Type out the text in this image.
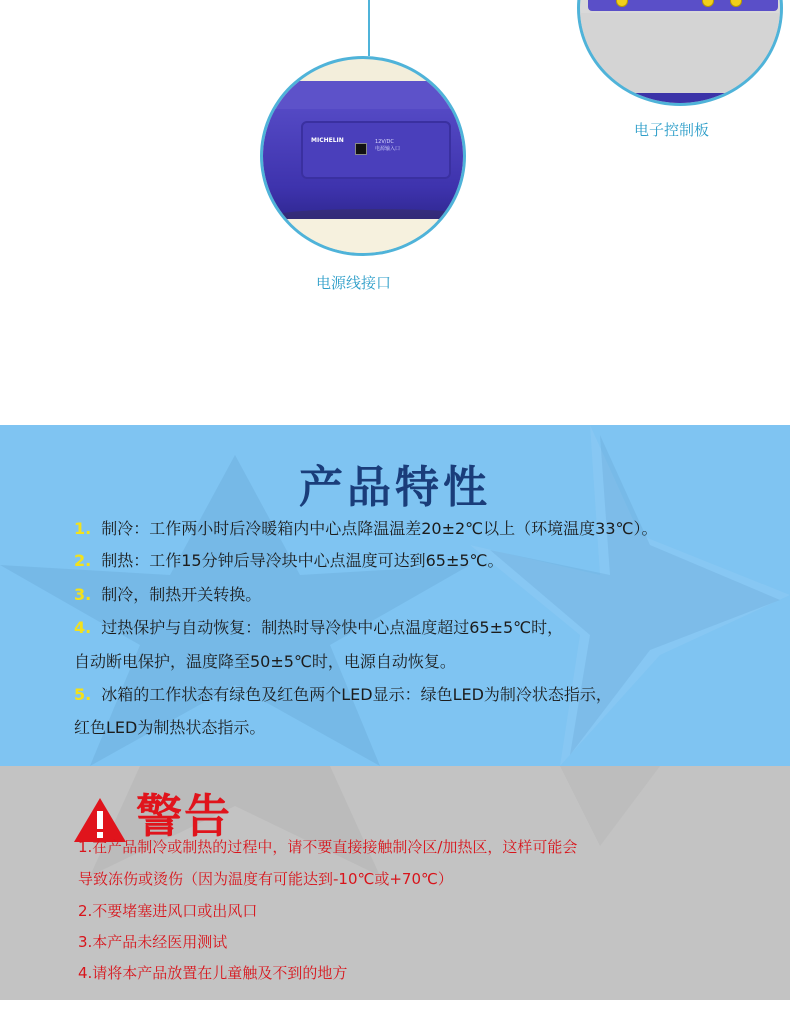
MICHELIN	12V/DC
电源输入口
电源线接口
电子控制板
产品特性
1. 制冷：工作两小时后冷暖箱内中心点降温温差20±2℃以上（环境温度33℃）。
2. 制热：工作15分钟后导冷块中心点温度可达到65±5℃。
3. 制冷，制热开关转换。
4. 过热保护与自动恢复：制热时导冷快中心点温度超过65±5℃时，
自动断电保护，温度降至50±5℃时，电源自动恢复。
5. 冰箱的工作状态有绿色及红色两个LED显示：绿色LED为制冷状态指示，
红色LED为制热状态指示。
警告
1.在产品制冷或制热的过程中，请不要直接接触制冷区/加热区，这样可能会
导致冻伤或烫伤（因为温度有可能达到-10℃或+70℃）
2.不要堵塞进风口或出风口
3.本产品未经医用测试
4.请将本产品放置在儿童触及不到的地方
